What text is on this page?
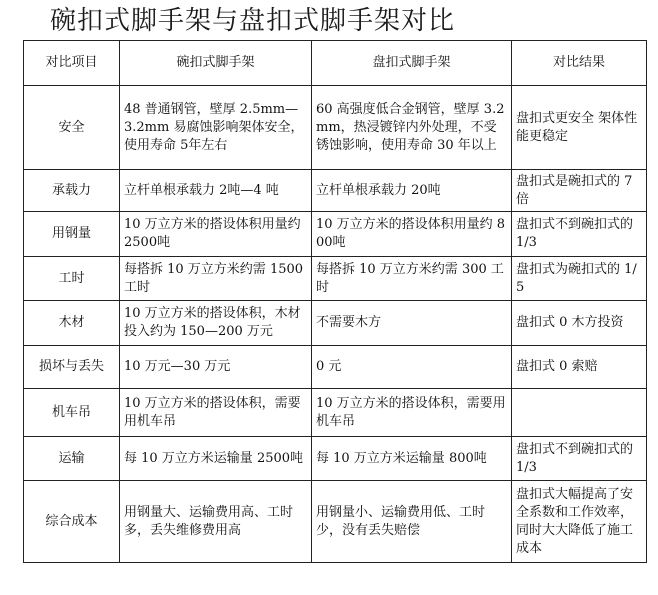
碗扣式脚手架与盘扣式脚手架对比
对比项目	碗扣式脚手架	盘扣式脚手架	对比结果
安全	48 普通钢管，壁厚 2.5mm—3.2mm 易腐蚀影响架体安全，使用寿命 5年左右	60 高强度低合金钢管，壁厚 3.2mm，热浸镀锌内外处理，不受锈蚀影响，使用寿命 30 年以上	盘扣式更安全 架体性能更稳定
承载力	立杆单根承载力 2吨—4 吨	立杆单根承载力 20吨	盘扣式是碗扣式的 7 倍
用钢量	10 万立方米的搭设体积用量约 2500吨	10 万立方米的搭设体积用量约 800吨	盘扣式不到碗扣式的 1/3
工时	每搭拆 10 万立方米约需 1500 工时	每搭拆 10 万立方米约需 300 工时	盘扣式为碗扣式的 1/5
木材	10 万立方米的搭设体积，木材投入约为 150—200 万元	不需要木方	盘扣式 0 木方投资
损坏与丢失	10 万元—30 万元	0 元	盘扣式 0 索赔
机车吊	10 万立方米的搭设体积，需要用机车吊	10 万立方米的搭设体积，需要用机车吊	
运输	每 10 万立方米运输量 2500吨	每 10 万立方米运输量 800吨	盘扣式不到碗扣式的 1/3
综合成本	用钢量大、运输费用高、工时多，丢失维修费用高	用钢量小、运输费用低、工时少，没有丢失赔偿	盘扣式大幅提高了安全系数和工作效率，同时大大降低了施工成本
